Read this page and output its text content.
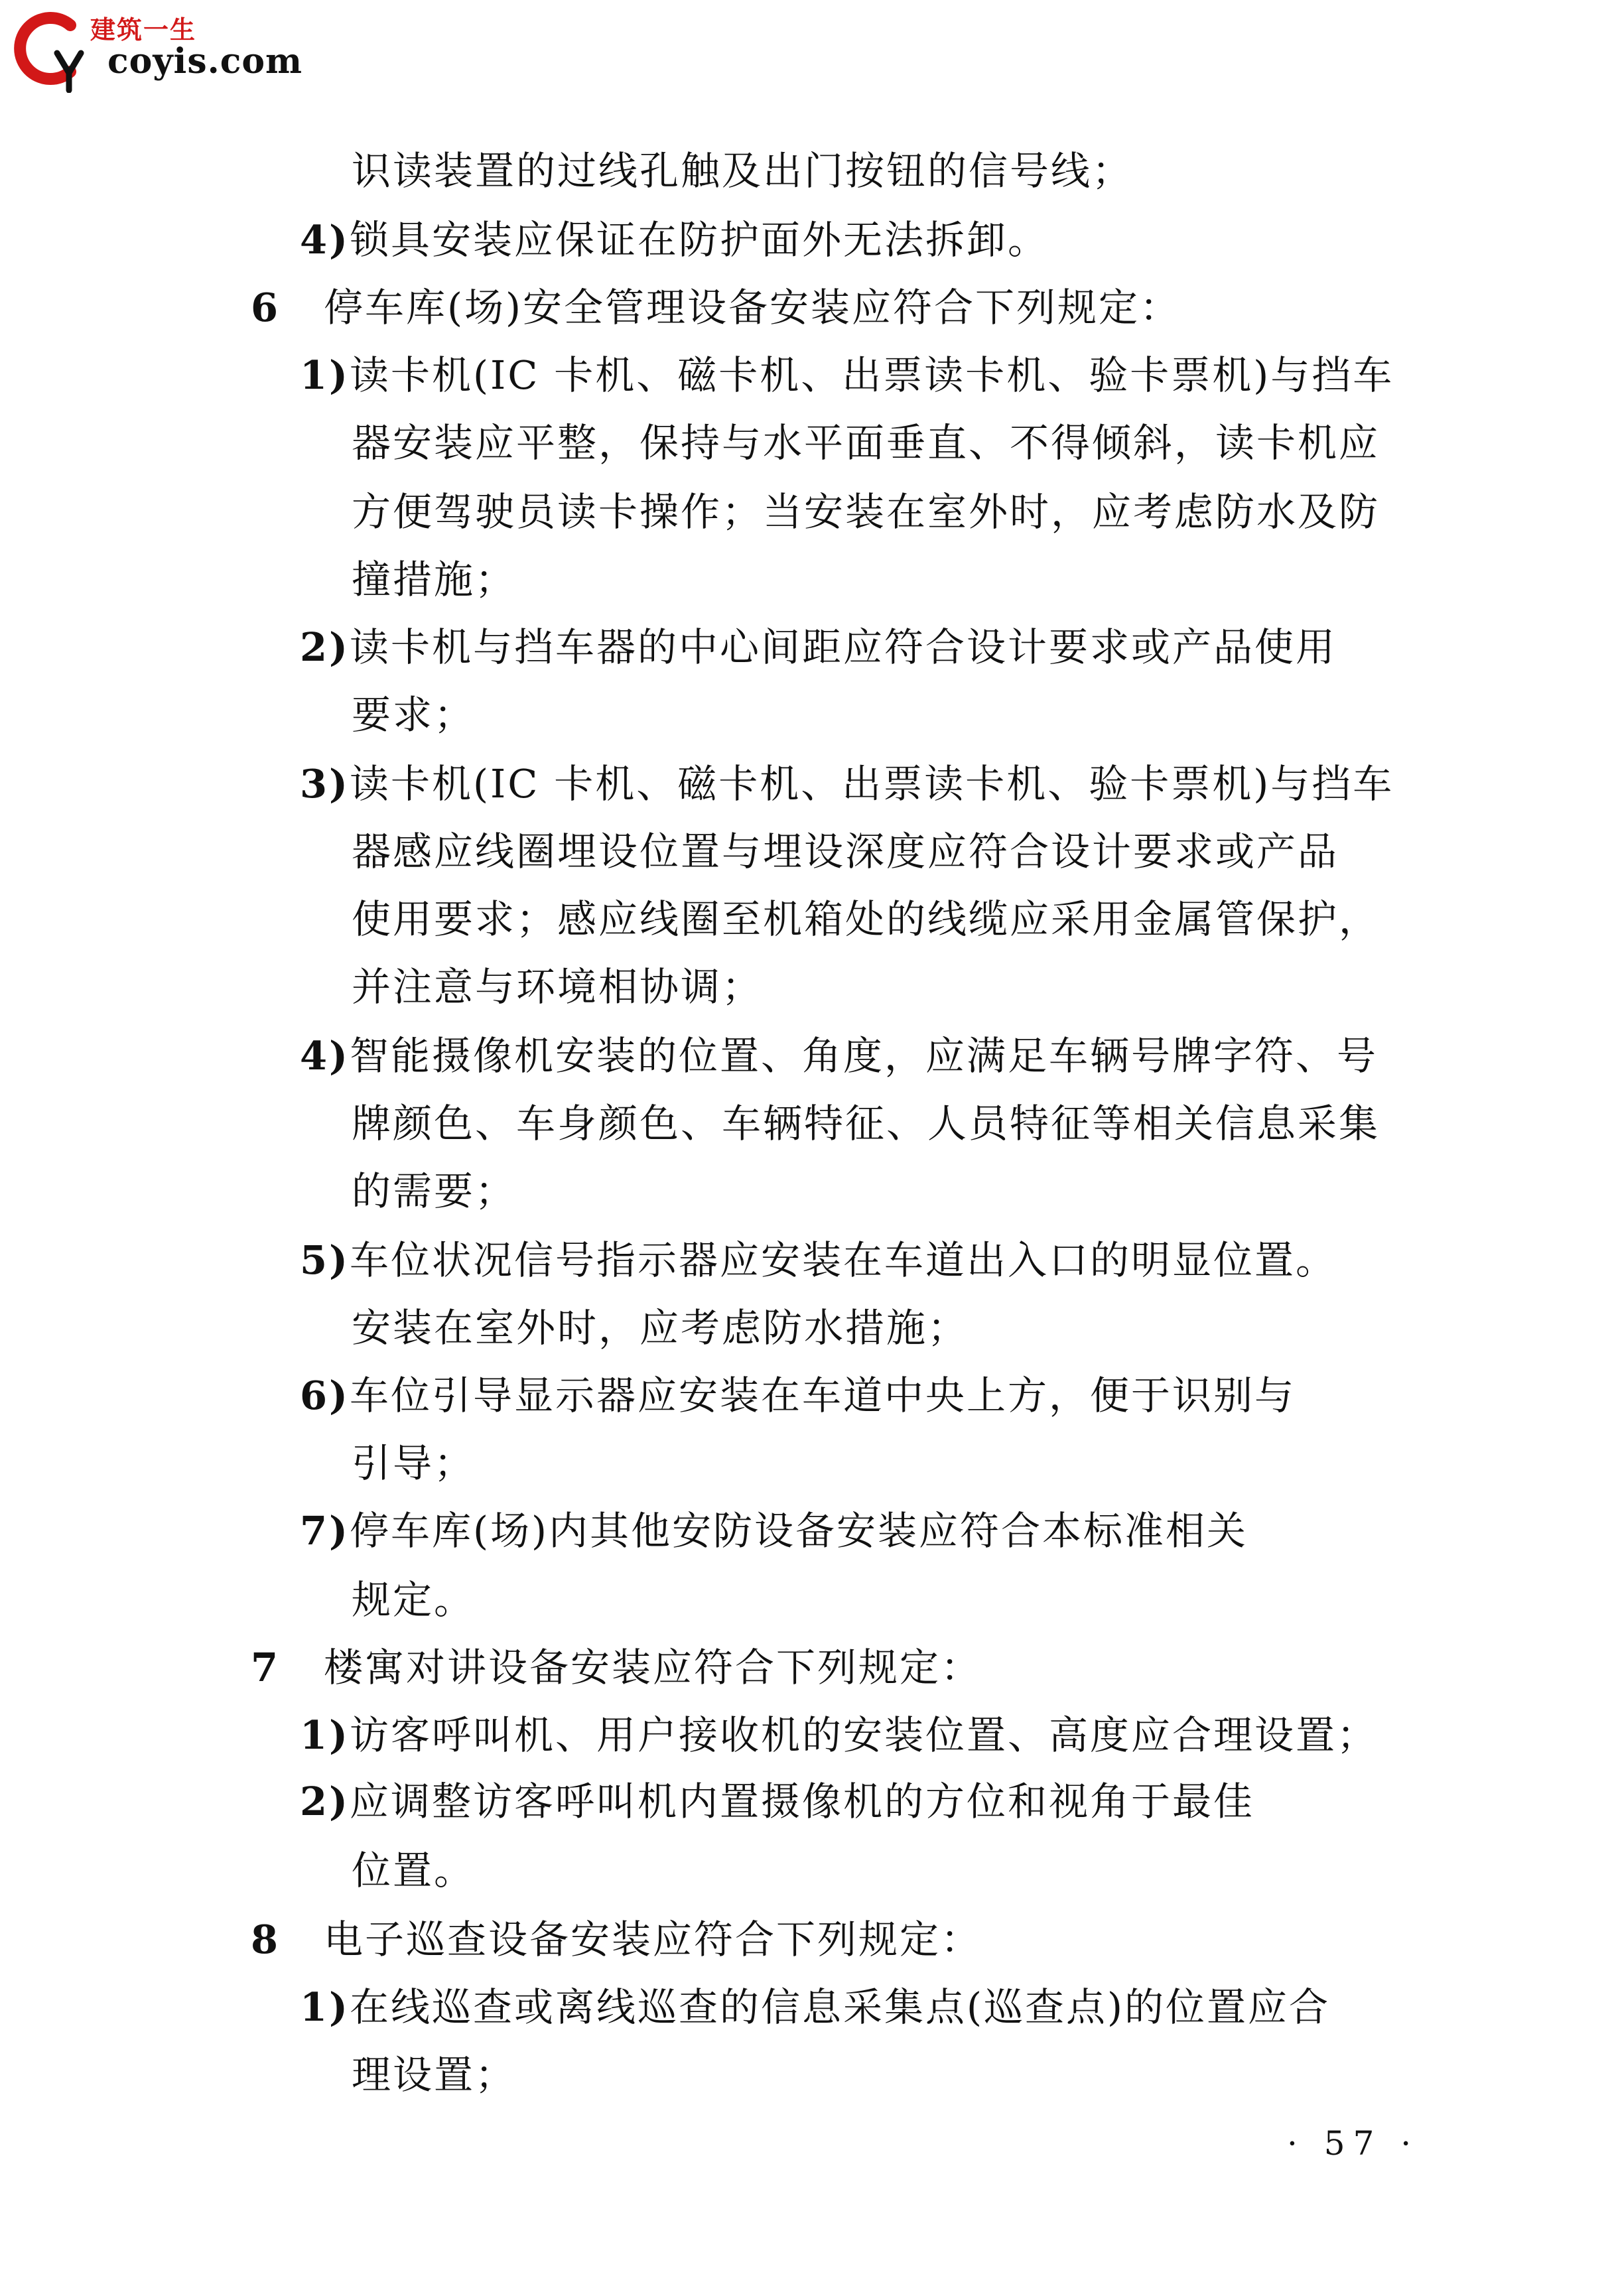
建筑一生
coyis.com
识读装置的过线孔触及出门按钮的信号线；
4)锁具安装应保证在防护面外无法拆卸。
6 停车库(场)安全管理设备安装应符合下列规定：
1)读卡机(IC 卡机、磁卡机、出票读卡机、验卡票机)与挡车
器安装应平整，保持与水平面垂直、不得倾斜，读卡机应
方便驾驶员读卡操作；当安装在室外时，应考虑防水及防
撞措施；
2)读卡机与挡车器的中心间距应符合设计要求或产品使用
要求；
3)读卡机(IC 卡机、磁卡机、出票读卡机、验卡票机)与挡车
器感应线圈埋设位置与埋设深度应符合设计要求或产品
使用要求；感应线圈至机箱处的线缆应采用金属管保护，
并注意与环境相协调；
4)智能摄像机安装的位置、角度，应满足车辆号牌字符、号
牌颜色、车身颜色、车辆特征、人员特征等相关信息采集
的需要；
5)车位状况信号指示器应安装在车道出入口的明显位置。
安装在室外时，应考虑防水措施；
6)车位引导显示器应安装在车道中央上方，便于识别与
引导；
7)停车库(场)内其他安防设备安装应符合本标准相关
规定。
7 楼寓对讲设备安装应符合下列规定：
1)访客呼叫机、用户接收机的安装位置、高度应合理设置；
2)应调整访客呼叫机内置摄像机的方位和视角于最佳
位置。
8 电子巡查设备安装应符合下列规定：
1)在线巡查或离线巡查的信息采集点(巡查点)的位置应合
理设置；
· 57 ·
